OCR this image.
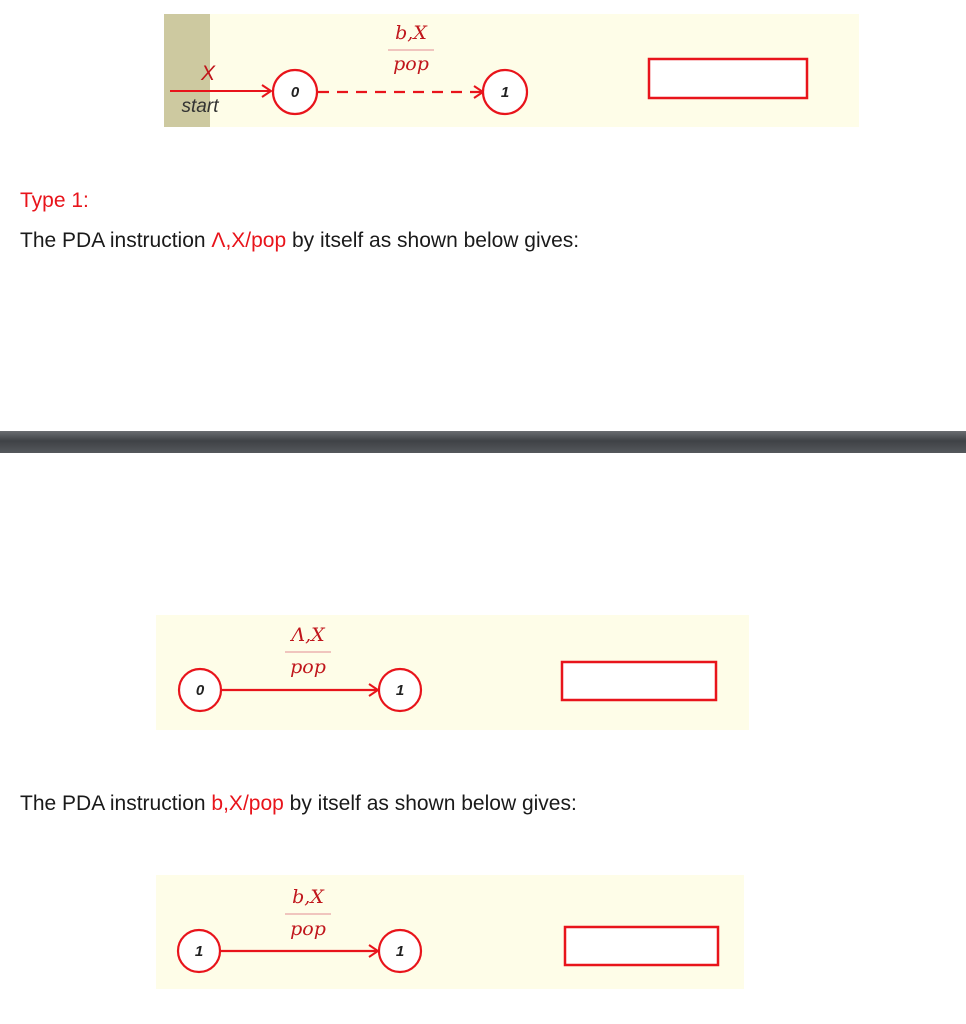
X
start
0
b,X
pop
1

Type 1:

The PDA instruction Λ,X/pop by itself as shown below gives:

0
Λ,X
pop
1

The PDA instruction b,X/pop by itself as shown below gives:

1
b,X
pop
1
